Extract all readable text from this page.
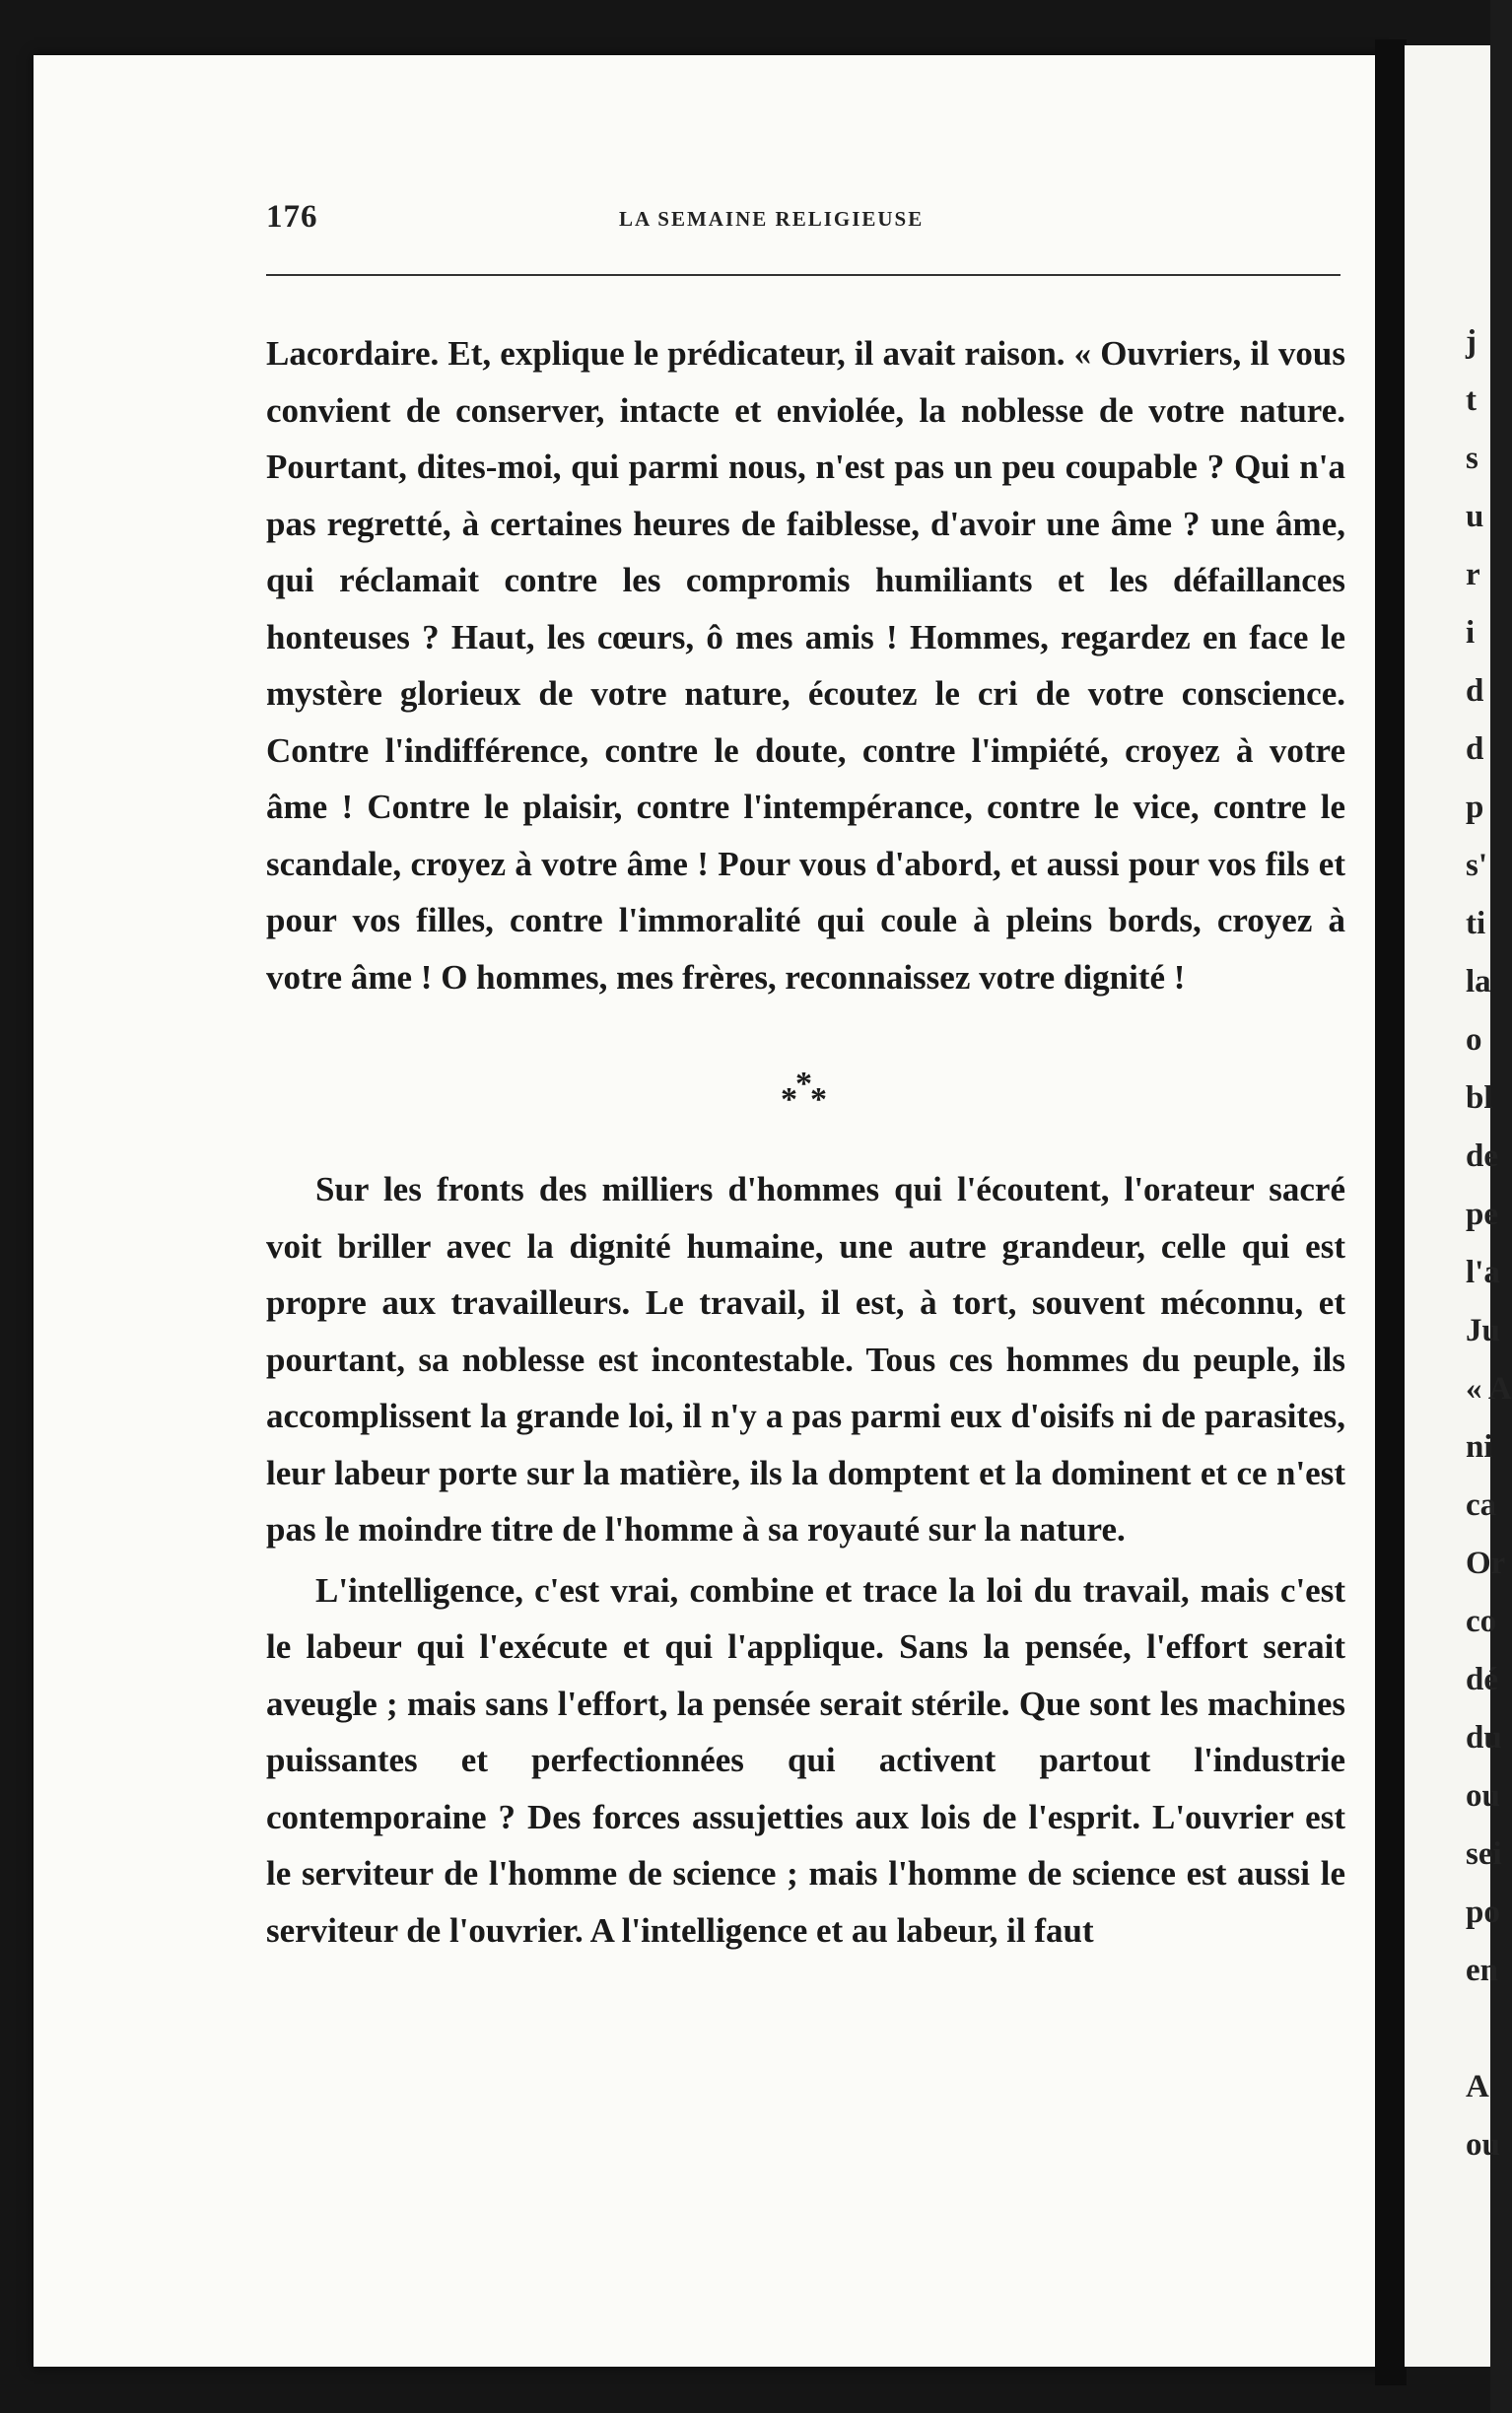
176	LA SEMAINE RELIGIEUSE

Lacordaire. Et, explique le prédicateur, il avait raison. « Ouvriers, il vous convient de conserver, intacte et enviolée, la noblesse de votre nature. Pourtant, dites-moi, qui parmi nous, n'est pas un peu coupable ? Qui n'a pas regretté, à certaines heures de faiblesse, d'avoir une âme ? une âme, qui réclamait contre les compromis humiliants et les défaillances honteuses ? Haut, les cœurs, ô mes amis ! Hommes, regardez en face le mystère glorieux de votre nature, écoutez le cri de votre conscience. Contre l'indifférence, contre le doute, contre l'impiété, croyez à votre âme ! Contre le plaisir, contre l'intempérance, contre le vice, contre le scandale, croyez à votre âme ! Pour vous d'abord, et aussi pour vos fils et pour vos filles, contre l'immoralité qui coule à pleins bords, croyez à votre âme ! O hommes, mes frères, reconnaissez votre dignité !

*
* *

Sur les fronts des milliers d'hommes qui l'écoutent, l'orateur sacré voit briller avec la dignité humaine, une autre grandeur, celle qui est propre aux travailleurs. Le travail, il est, à tort, souvent méconnu, et pourtant, sa noblesse est incontestable. Tous ces hommes du peuple, ils accomplissent la grande loi, il n'y a pas parmi eux d'oisifs ni de parasites, leur labeur porte sur la matière, ils la domptent et la dominent et ce n'est pas le moindre titre de l'homme à sa royauté sur la nature.

L'intelligence, c'est vrai, combine et trace la loi du travail, mais c'est le labeur qui l'exécute et qui l'applique. Sans la pensée, l'effort serait aveugle ; mais sans l'effort, la pensée serait stérile. Que sont les machines puissantes et perfectionnées qui activent partout l'industrie contemporaine ? Des forces assujetties aux lois de l'esprit. L'ouvrier est le serviteur de l'homme de science ; mais l'homme de science est aussi le serviteur de l'ouvrier. A l'intelligence et au labeur, il faut

j
t
s
u
r
i
d
d
p
s'
ti
la
o
bl
de
pe
l'a
Ju
« A
ni
ca
Or
co
dé
du
ou
sei
po
en

A
ou
